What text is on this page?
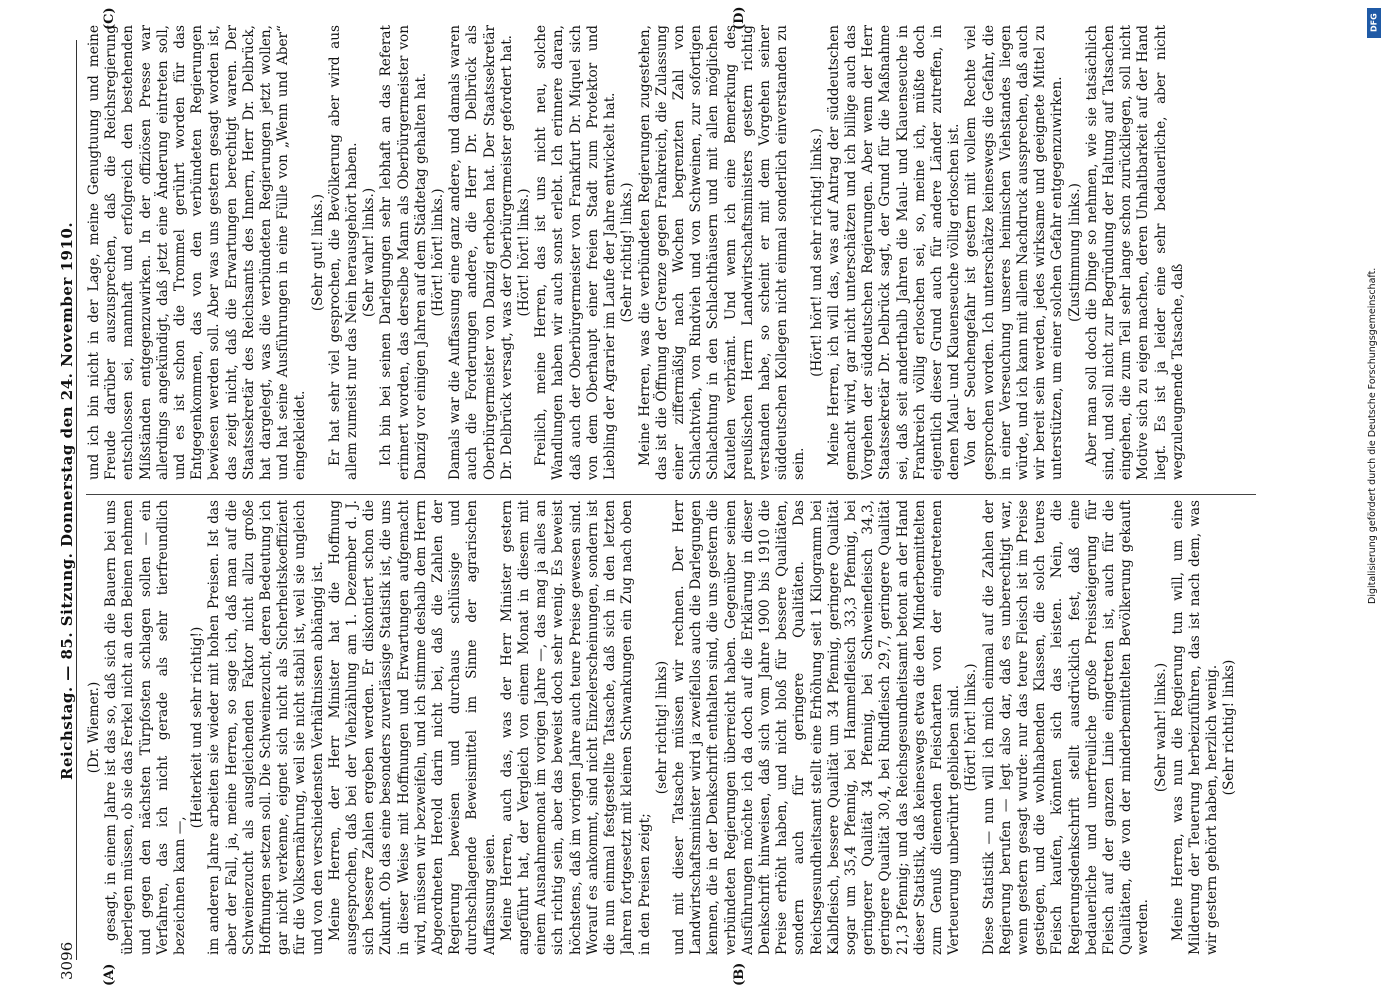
3096
Reichstag. — 85. Sitzung. Donnerstag den 24. November 1910.
(A)	(B)
(C)	(D)

(Dr. Wiemer.) gesagt, in einem Jahre ist das so, daß sich die Bauern bei uns überlegen müssen, ob sie das Ferkel nicht an den Beinen nehmen und gegen den nächsten Türpfosten schlagen sollen — ein Verfahren, das ich nicht gerade als sehr tierfreundlich bezeichnen kann —,

(Heiterkeit und sehr richtig!) im anderen Jahre arbeiten sie wieder mit hohen Preisen. Ist das aber der Fall, ja, meine Herren, so sage ich, daß man auf die Schweinezucht als ausgleichenden Faktor nicht allzu große Hoffnungen setzen soll. Die Schweinezucht, deren Bedeutung ich gar nicht verkenne, eignet sich nicht als Sicherheitskoeffizient für die Volksernährung, weil sie nicht stabil ist, weil sie ungleich und von den verschiedensten Verhältnissen abhängig ist. Meine Herren, der Herr Minister hat die Hoffnung ausgesprochen, daß bei der Viehzählung am 1. Dezember d. J. sich bessere Zahlen ergeben werden. Er diskontiert schon die Zukunft. Ob das eine besonders zuverlässige Statistik ist, die uns in dieser Weise mit Hoffnungen und Erwartungen aufgemacht wird, müssen wir bezweifeln, und ich stimme deshalb dem Herrn Abgeordneten Herold darin nicht bei, daß die Zahlen der Regierung beweisen und durchaus schlüssige und durchschlagende Beweismittel im Sinne der agrarischen Auffassung seien. Meine Herren, auch das, was der Herr Minister gestern angeführt hat, der Vergleich von einem Monat in diesem mit einem Ausnahmemonat im vorigen Jahre —, das mag ja alles an sich richtig sein, aber das beweist doch sehr wenig. Es beweist höchstens, daß im vorigen Jahre auch teure Preise gewesen sind. Worauf es ankommt, sind nicht Einzelerscheinungen, sondern ist die nun einmal festgestellte Tatsache, daß sich in den letzten Jahren fortgesetzt mit kleinen Schwankungen ein Zug nach oben in den Preisen zeigt;

(sehr richtig! links) und mit dieser Tatsache müssen wir rechnen. Der Herr Landwirtschaftsminister wird ja zweifellos auch die Darlegungen kennen, die in der Denkschrift enthalten sind, die uns gestern die verbündeten Regierungen überreicht haben. Gegenüber seinen Ausführungen möchte ich da doch auf die Erklärung in dieser Denkschrift hinweisen, daß sich vom Jahre 1900 bis 1910 die Preise erhöht haben, und nicht bloß für bessere Qualitäten, sondern auch für geringere Qualitäten. Das Reichsgesundheitsamt stellt eine Erhöhung seit 1 Kilogramm bei Kalbfleisch, bessere Qualität um 34 Pfennig, geringere Qualität sogar um 35,4 Pfennig, bei Hammelfleisch 33,3 Pfennig, bei geringerer Qualität 34 Pfennig, bei Schweinefleisch 34,3, geringere Qualität 30,4, bei Rindfleisch 29,7, geringere Qualität 21,3 Pfennig; und das Reichsgesundheitsamt betont an der Hand dieser Statistik, daß keineswegs etwa die den Minderbemittelten zum Genuß dienenden Fleischarten von der eingetretenen Verteuerung unberührt geblieben sind. (Hört! hört! links.) Diese Statistik — nun will ich mich einmal auf die Zahlen der Regierung berufen — legt also dar, daß es unberechtigt war, wenn gestern gesagt wurde: nur das teure Fleisch ist im Preise gestiegen, und die wohlhabenden Klassen, die solch teures Fleisch kaufen, könnten sich das leisten. Nein, die Regierungsdenkschrift stellt ausdrücklich fest, daß eine bedauerliche und unerfreuliche große Preissteigerung für Fleisch auf der ganzen Linie eingetreten ist, auch für die Qualitäten, die von der minderbemittelten Bevölkerung gekauft werden.

(Sehr wahr! links.) Meine Herren, was nun die Regierung tun will, um eine Milderung der Teuerung herbeizuführen, das ist nach dem, was wir gestern gehört haben, herzlich wenig. (Sehr richtig! links)

und ich bin nicht in der Lage, meine Genugtuung und meine Freude darüber auszusprechen, daß die Reichsregierung entschlossen sei, mannhaft und erfolgreich den bestehenden Mißständen entgegenzuwirken. In der offiziösen Presse war allerdings angekündigt, daß jetzt eine Änderung eintreten soll, und es ist schon die Trommel gerührt worden für das Entgegenkommen, das von den verbündeten Regierungen bewiesen werden soll. Aber was uns gestern gesagt worden ist, das zeigt nicht, daß die Erwartungen berechtigt waren. Der Staatssekretär des Reichsamts des Innern, Herr Dr. Delbrück, hat dargelegt, was die verbündeten Regierungen jetzt wollen, und hat seine Ausführungen in eine Fülle von „Wenn und Aber“ eingekleidet.

(Sehr gut! links.) Er hat sehr viel gesprochen, die Bevölkerung aber wird aus allem zumeist nur das Nein herausgehört haben. (Sehr wahr! links.) Ich bin bei seinen Darlegungen sehr lebhaft an das Referat erinnert worden, das derselbe Mann als Oberbürgermeister von Danzig vor einigen Jahren auf dem Städtetag gehalten hat. (Hört! hört! links.) Damals war die Auffassung eine ganz andere, und damals waren auch die Forderungen andere, die Herr Dr. Delbrück als Oberbürgermeister von Danzig erhoben hat. Der Staatssekretär Dr. Delbrück versagt, was der Oberbürgermeister gefordert hat. (Hört! hört! links.) Freilich, meine Herren, das ist uns nicht neu, solche Wandlungen haben wir auch sonst erlebt. Ich erinnere daran, daß auch der Oberbürgermeister von Frankfurt Dr. Miquel sich von dem Oberhaupt einer freien Stadt zum Protektor und Liebling der Agrarier im Laufe der Jahre entwickelt hat. (Sehr richtig! links.) Meine Herren, was die verbündeten Regierungen zugestehen, das ist die Öffnung der Grenze gegen Frankreich, die Zulassung einer ziffermäßig nach Wochen begrenzten Zahl von Schlachtvieh, von Rindvieh und von Schweinen, zur sofortigen Schlachtung in den Schlachthäusern und mit allen möglichen Kautelen verbrämt. Und wenn ich eine Bemerkung des preußischen Herrn Landwirtschaftsministers gestern richtig verstanden habe, so scheint er mit dem Vorgehen seiner süddeutschen Kollegen nicht einmal sonderlich einverstanden zu sein.

(Hört! hört! und sehr richtig! links.) Meine Herren, ich will das, was auf Antrag der süddeutschen gemacht wird, gar nicht unterschätzen und ich billige auch das Vorgehen der süddeutschen Regierungen. Aber wenn der Herr Staatssekretär Dr. Delbrück sagt, der Grund für die Maßnahme sei, daß seit anderthalb Jahren die Maul- und Klauenseuche in Frankreich völlig erloschen sei, so, meine ich, müßte doch eigentlich dieser Grund auch für andere Länder zutreffen, in denen Maul- und Klauenseuche völlig erloschen ist. Von der Seuchengefahr ist gestern mit vollem Rechte viel gesprochen worden. Ich unterschätze keineswegs die Gefahr, die in einer Verseuchung unseres heimischen Viehstandes liegen würde, und ich kann mit allem Nachdruck aussprechen, daß auch wir bereit sein werden, jedes wirksame und geeignete Mittel zu unterstützen, um einer solchen Gefahr entgegenzuwirken. (Zustimmung links.) Aber man soll doch die Dinge so nehmen, wie sie tatsächlich sind, und soll nicht zur Begründung der Haltung auf Tatsachen eingehen, die zum Teil sehr lange schon zurückliegen, soll nicht Motive sich zu eigen machen, deren Unhaltbarkeit auf der Hand liegt. Es ist ja leider eine sehr bedauerliche, aber nicht wegzuleugnende Tatsache, daß

DFG
Digitalisierung gefördert durch die Deutsche Forschungsgemeinschaft.
